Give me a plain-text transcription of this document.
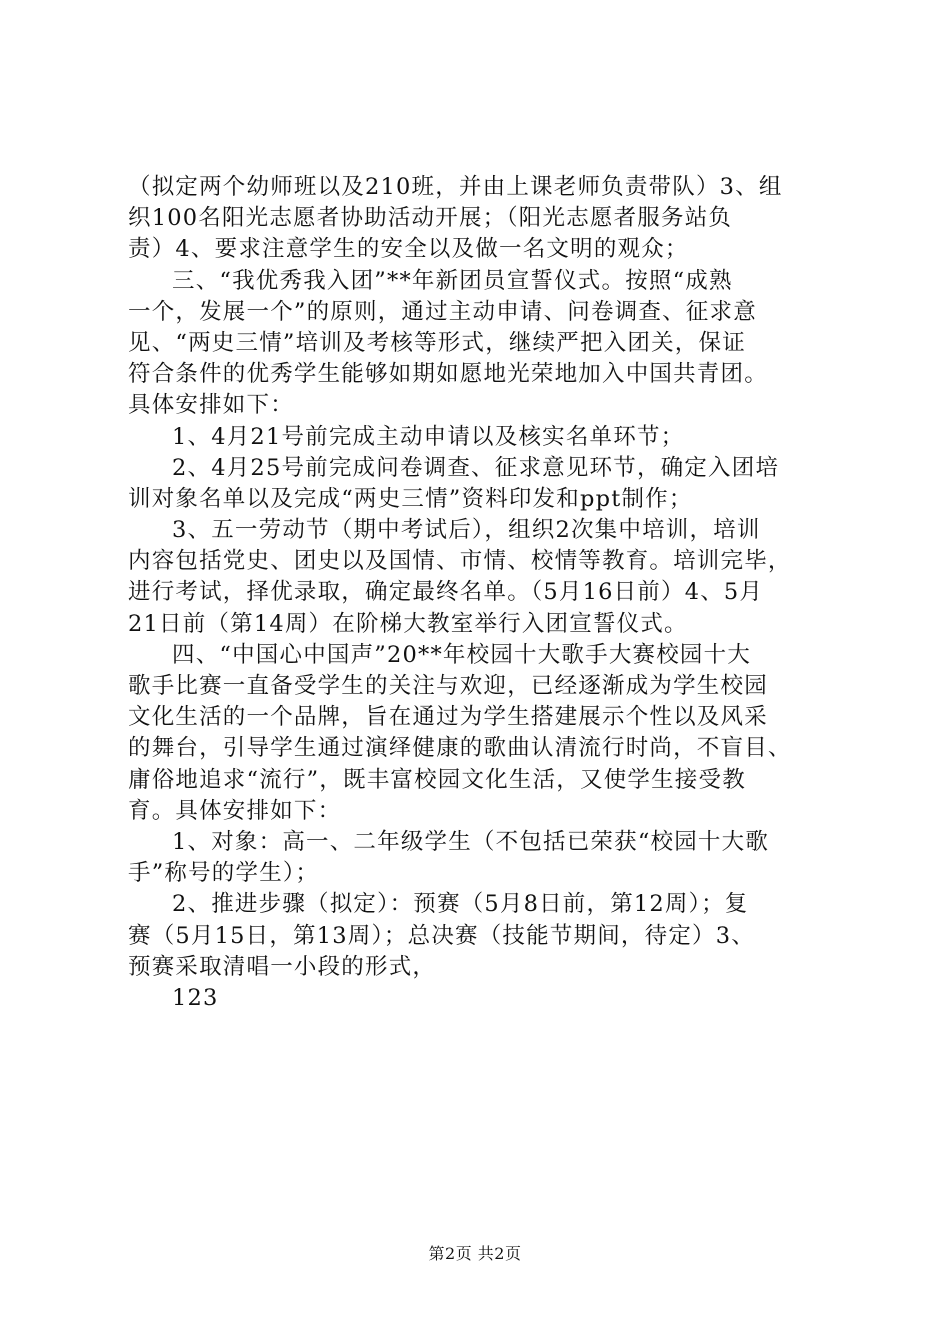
（拟定两个幼师班以及210班，并由上课老师负责带队）3、组
织100名阳光志愿者协助活动开展；（阳光志愿者服务站负
责）4、要求注意学生的安全以及做一名文明的观众；
三、“我优秀我入团”**年新团员宣誓仪式。按照“成熟
一个，发展一个”的原则，通过主动申请、问卷调查、征求意
见、“两史三情”培训及考核等形式，继续严把入团关，保证
符合条件的优秀学生能够如期如愿地光荣地加入中国共青团。
具体安排如下：
1、4月21号前完成主动申请以及核实名单环节；
2、4月25号前完成问卷调查、征求意见环节，确定入团培
训对象名单以及完成“两史三情”资料印发和ppt制作；
3、五一劳动节（期中考试后），组织2次集中培训，培训
内容包括党史、团史以及国情、市情、校情等教育。培训完毕，
进行考试，择优录取，确定最终名单。（5月16日前）4、5月
21日前（第14周）在阶梯大教室举行入团宣誓仪式。
四、“中国心中国声”20**年校园十大歌手大赛校园十大
歌手比赛一直备受学生的关注与欢迎，已经逐渐成为学生校园
文化生活的一个品牌，旨在通过为学生搭建展示个性以及风采
的舞台，引导学生通过演绎健康的歌曲认清流行时尚，不盲目、
庸俗地追求“流行”，既丰富校园文化生活，又使学生接受教
育。具体安排如下：
1、对象：高一、二年级学生（不包括已荣获“校园十大歌
手”称号的学生）；
2、推进步骤（拟定）：预赛（5月8日前，第12周）；复
赛（5月15日，第13周）；总决赛（技能节期间，待定）3、
预赛采取清唱一小段的形式，
123
第2页 共2页
